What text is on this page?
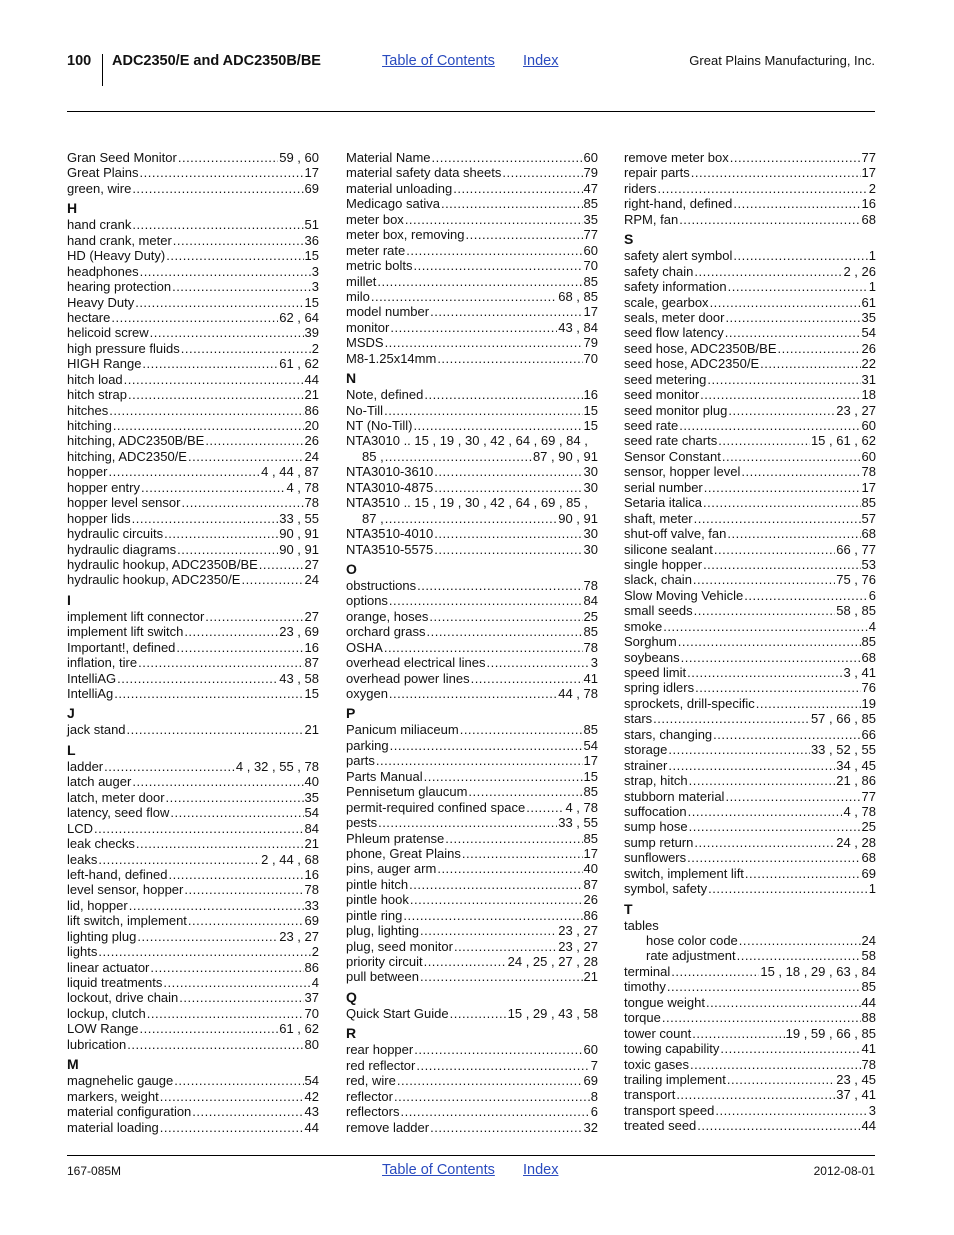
100 ADC2350/E and ADC2350B/BE	Table of Contents Index	Great Plains Manufacturing, Inc.
Gran Seed Monitor .....	59 , 60
Great Plains .....	17
green, wire .....	69
H
hand crank .....	51
hand crank, meter .....	36
HD (Heavy Duty) .....	15
headphones .....	3
hearing protection .....	3
Heavy Duty .....	15
hectare .....	62 , 64
helicoid screw .....	39
high pressure fluids .....	2
HIGH Range .....	61 , 62
hitch load .....	44
hitch strap .....	21
hitches .....	86
hitching .....	20
hitching, ADC2350B/BE .....	26
hitching, ADC2350/E .....	24
hopper .....	4 , 44 , 87
hopper entry .....	4 , 78
hopper level sensor .....	78
hopper lids .....	33 , 55
hydraulic circuits .....	90 , 91
hydraulic diagrams .....	90 , 91
hydraulic hookup, ADC2350B/BE .....	27
hydraulic hookup, ADC2350/E .....	24
I
implement lift connector .....	27
implement lift switch .....	23 , 69
Important!, defined .....	16
inflation, tire .....	87
IntelliAG .....	43 , 58
IntelliAg .....	15
J
jack stand .....	21
L
ladder .....	4 , 32 , 55 , 78
latch auger .....	40
latch, meter door .....	35
latency, seed flow .....	54
LCD .....	84
leak checks .....	21
leaks .....	2 , 44 , 68
left-hand, defined .....	16
level sensor, hopper .....	78
lid, hopper .....	33
lift switch, implement .....	69
lighting plug .....	23 , 27
lights .....	2
linear actuator .....	86
liquid treatments .....	4
lockout, drive chain .....	37
lockup, clutch .....	70
LOW Range .....	61 , 62
lubrication .....	80
M
magnehelic gauge .....	54
markers, weight .....	42
material configuration .....	43
material loading .....	44
Material Name .....	60
material safety data sheets .....	79
material unloading .....	47
Medicago sativa .....	85
meter box .....	35
meter box, removing .....	77
meter rate .....	60
metric bolts .....	70
millet .....	85
milo .....	68 , 85
model number .....	17
monitor .....	43 , 84
MSDS .....	79
M8-1.25x14mm .....	70
N
Note, defined .....	16
No-Till .....	15
NT (No-Till) .....	15
NTA3010 .. 15 , 19 , 30 , 42 , 64 , 69 , 84 ,
85 , .....	87 , 90 , 91
NTA3010-3610 .....	30
NTA3010-4875 .....	30
NTA3510 .. 15 , 19 , 30 , 42 , 64 , 69 , 85 ,
87 , .....	90 , 91
NTA3510-4010 .....	30
NTA3510-5575 .....	30
O
obstructions .....	78
options .....	84
orange, hoses .....	25
orchard grass .....	85
OSHA .....	78
overhead electrical lines .....	3
overhead power lines .....	41
oxygen .....	44 , 78
P
Panicum miliaceum .....	85
parking .....	54
parts .....	17
Parts Manual .....	15
Pennisetum glaucum .....	85
permit-required confined space .....	4 , 78
pests .....	33 , 55
Phleum pratense .....	85
phone, Great Plains .....	17
pins, auger arm .....	40
pintle hitch .....	87
pintle hook .....	26
pintle ring .....	86
plug, lighting .....	23 , 27
plug, seed monitor .....	23 , 27
priority circuit .....	24 , 25 , 27 , 28
pull between .....	21
Q
Quick Start Guide .....	15 , 29 , 43 , 58
R
rear hopper .....	60
red reflector .....	7
red, wire .....	69
reflector .....	8
reflectors .....	6
remove ladder .....	32
remove meter box .....	77
repair parts .....	17
riders .....	2
right-hand, defined .....	16
RPM, fan .....	68
S
safety alert symbol .....	1
safety chain .....	2 , 26
safety information .....	1
scale, gearbox .....	61
seals, meter door .....	35
seed flow latency .....	54
seed hose, ADC2350B/BE .....	26
seed hose, ADC2350/E .....	22
seed metering .....	31
seed monitor .....	18
seed monitor plug .....	23 , 27
seed rate .....	60
seed rate charts .....	15 , 61 , 62
Sensor Constant .....	60
sensor, hopper level .....	78
serial number .....	17
Setaria italica .....	85
shaft, meter .....	57
shut-off valve, fan .....	68
silicone sealant .....	66 , 77
single hopper .....	53
slack, chain .....	75 , 76
Slow Moving Vehicle .....	6
small seeds .....	58 , 85
smoke .....	4
Sorghum .....	85
soybeans .....	68
speed limit .....	3 , 41
spring idlers .....	76
sprockets, drill-specific .....	19
stars .....	57 , 66 , 85
stars, changing .....	66
storage .....	33 , 52 , 55
strainer .....	34 , 45
strap, hitch .....	21 , 86
stubborn material .....	77
suffocation .....	4 , 78
sump hose .....	25
sump return .....	24 , 28
sunflowers .....	68
switch, implement lift .....	69
symbol, safety .....	1
T
tables
hose color code .....	24
rate adjustment .....	58
terminal .....	15 , 18 , 29 , 63 , 84
timothy .....	85
tongue weight .....	44
torque .....	88
tower count .....	19 , 59 , 66 , 85
towing capability .....	41
toxic gases .....	78
trailing implement .....	23 , 45
transport .....	37 , 41
transport speed .....	3
treated seed .....	44
167-085M	Table of Contents Index	2012-08-01
